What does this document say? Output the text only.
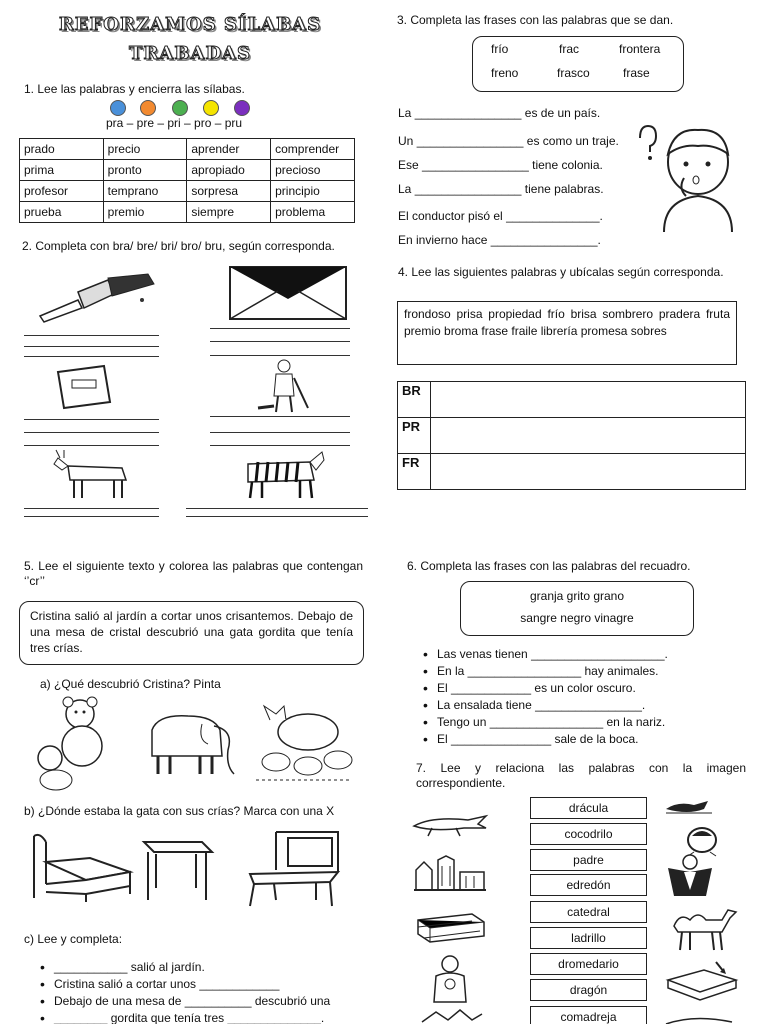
REFORZAMOS SÍLABAS
TRABADAS
1. Lee las palabras y encierra las sílabas.
pra – pre – pri – pro – pru
prado	precio	aprender	comprender
prima	pronto	apropiado	precioso
profesor	temprano	sorpresa	principio
prueba	premio	siempre	problema
2. Completa con bra/ bre/ bri/ bro/ bru, según corresponda.
3. Completa las frases con las palabras que se dan.
frío	frac	frontera
freno	frasco	frase
La ________________ es de un país.
Un ________________ es como un traje.
Ese ________________ tiene colonia.
La ________________ tiene palabras.
El conductor pisó el ______________.
En invierno hace ________________.
4. Lee las siguientes palabras y ubícalas según corresponda.
frondoso prisa propiedad frío brisa sombrero pradera fruta premio broma frase fraile librería promesa sobres
BR
PR
FR
5. Lee el siguiente texto y colorea las palabras que contengan ‘’cr’’
Cristina salió al jardín a cortar unos crisantemos. Debajo de una mesa de cristal descubrió una gata gordita que tenía tres crías.
a) ¿Qué descubrió Cristina? Pinta
b) ¿Dónde estaba la gata con sus crías? Marca con una X
c) Lee y completa:
• ___________ salió al jardín.
• Cristina salió a cortar unos ____________
• Debajo de una mesa de __________ descubrió una
• ________ gordita que tenía tres ______________.
6. Completa las frases con las palabras del recuadro.
granja grito grano
sangre negro vinagre
• Las venas tienen ____________________.
• En la _________________ hay animales.
• El ____________ es un color oscuro.
• La ensalada tiene ________________.
• Tengo un _________________ en la nariz.
• El _______________ sale de la boca.
7. Lee y relaciona las palabras con la imagen correspondiente.
drácula
cocodrilo
padre
edredón
catedral
ladrillo
dromedario
dragón
comadreja
